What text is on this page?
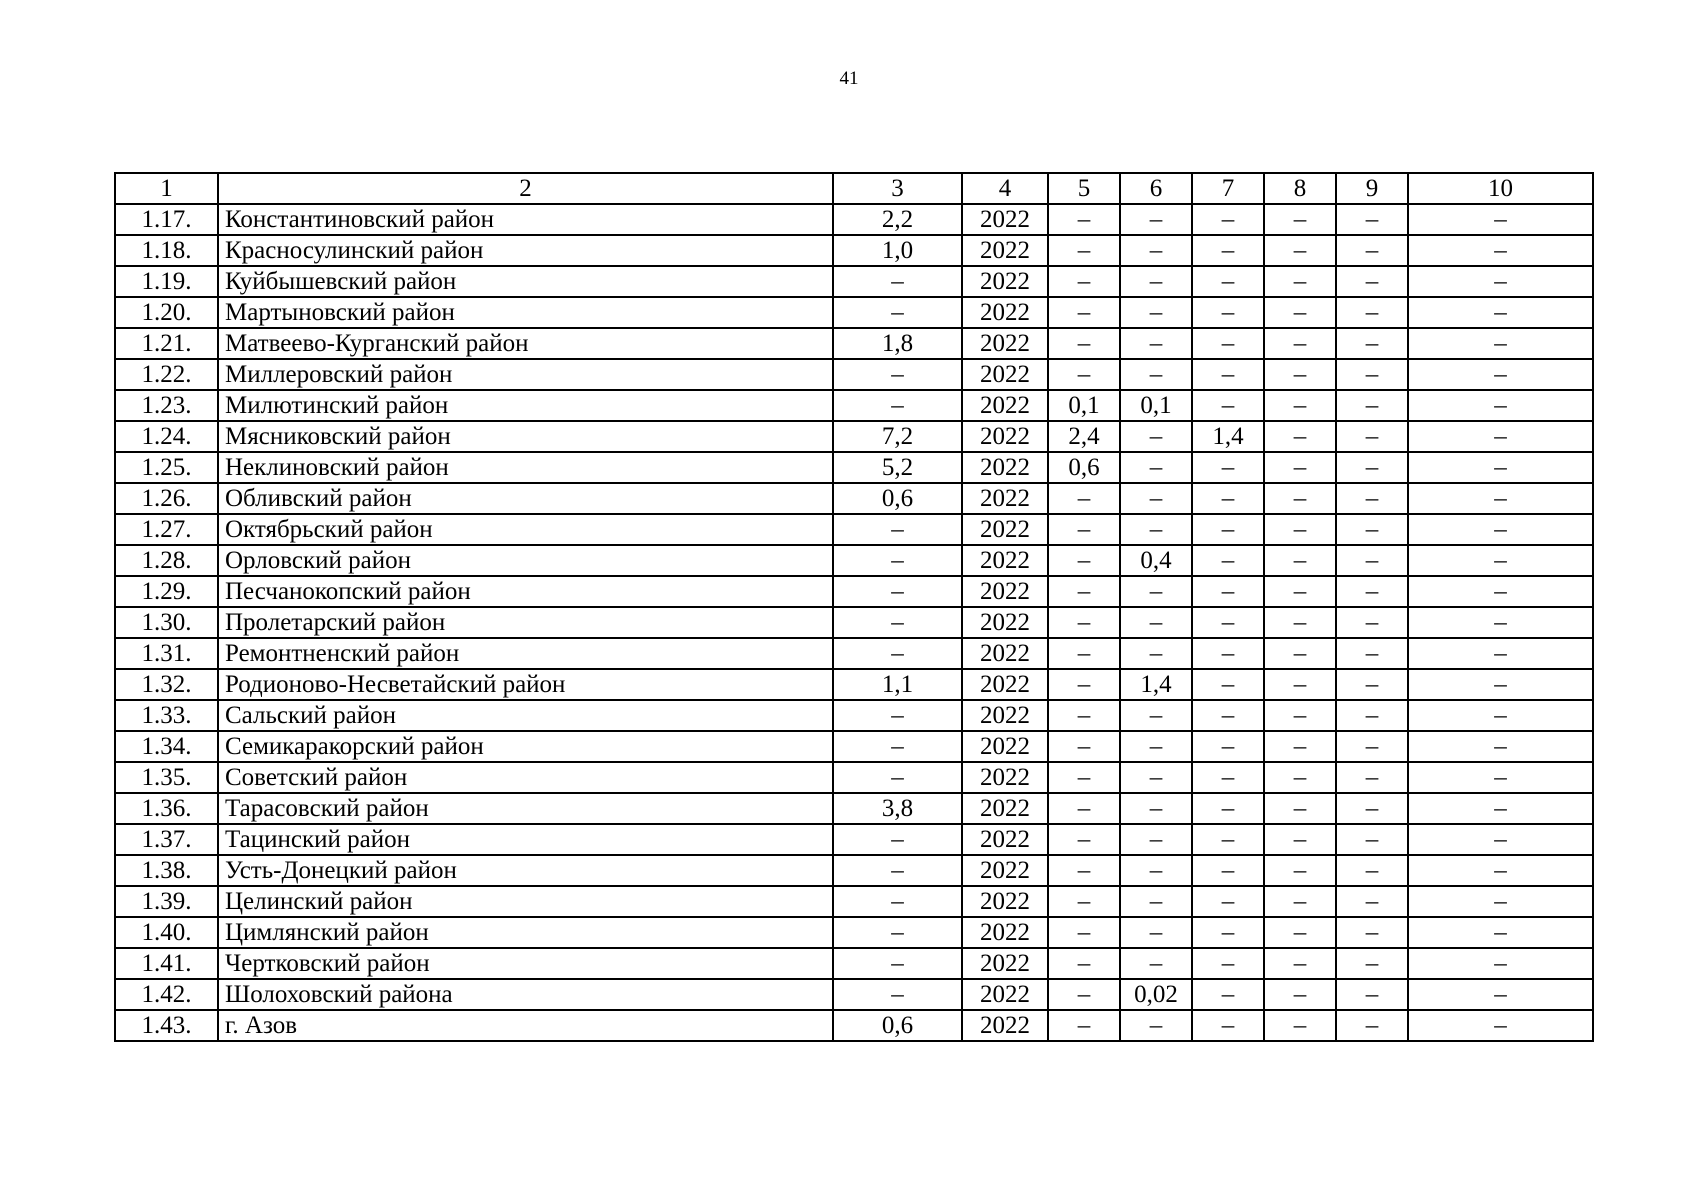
41
1	2	3	4	5	6	7	8	9	10
1.17.	Константиновский район	2,2	2022	–	–	–	–	–	–
1.18.	Красносулинский район	1,0	2022	–	–	–	–	–	–
1.19.	Куйбышевский район	–	2022	–	–	–	–	–	–
1.20.	Мартыновский район	–	2022	–	–	–	–	–	–
1.21.	Матвеево-Курганский район	1,8	2022	–	–	–	–	–	–
1.22.	Миллеровский район	–	2022	–	–	–	–	–	–
1.23.	Милютинский район	–	2022	0,1	0,1	–	–	–	–
1.24.	Мясниковский район	7,2	2022	2,4	–	1,4	–	–	–
1.25.	Неклиновский район	5,2	2022	0,6	–	–	–	–	–
1.26.	Обливский район	0,6	2022	–	–	–	–	–	–
1.27.	Октябрьский район	–	2022	–	–	–	–	–	–
1.28.	Орловский район	–	2022	–	0,4	–	–	–	–
1.29.	Песчанокопский район	–	2022	–	–	–	–	–	–
1.30.	Пролетарский район	–	2022	–	–	–	–	–	–
1.31.	Ремонтненский район	–	2022	–	–	–	–	–	–
1.32.	Родионово-Несветайский район	1,1	2022	–	1,4	–	–	–	–
1.33.	Сальский район	–	2022	–	–	–	–	–	–
1.34.	Семикаракорский район	–	2022	–	–	–	–	–	–
1.35.	Советский район	–	2022	–	–	–	–	–	–
1.36.	Тарасовский район	3,8	2022	–	–	–	–	–	–
1.37.	Тацинский район	–	2022	–	–	–	–	–	–
1.38.	Усть-Донецкий район	–	2022	–	–	–	–	–	–
1.39.	Целинский район	–	2022	–	–	–	–	–	–
1.40.	Цимлянский район	–	2022	–	–	–	–	–	–
1.41.	Чертковский район	–	2022	–	–	–	–	–	–
1.42.	Шолоховский района	–	2022	–	0,02	–	–	–	–
1.43.	г. Азов	0,6	2022	–	–	–	–	–	–
